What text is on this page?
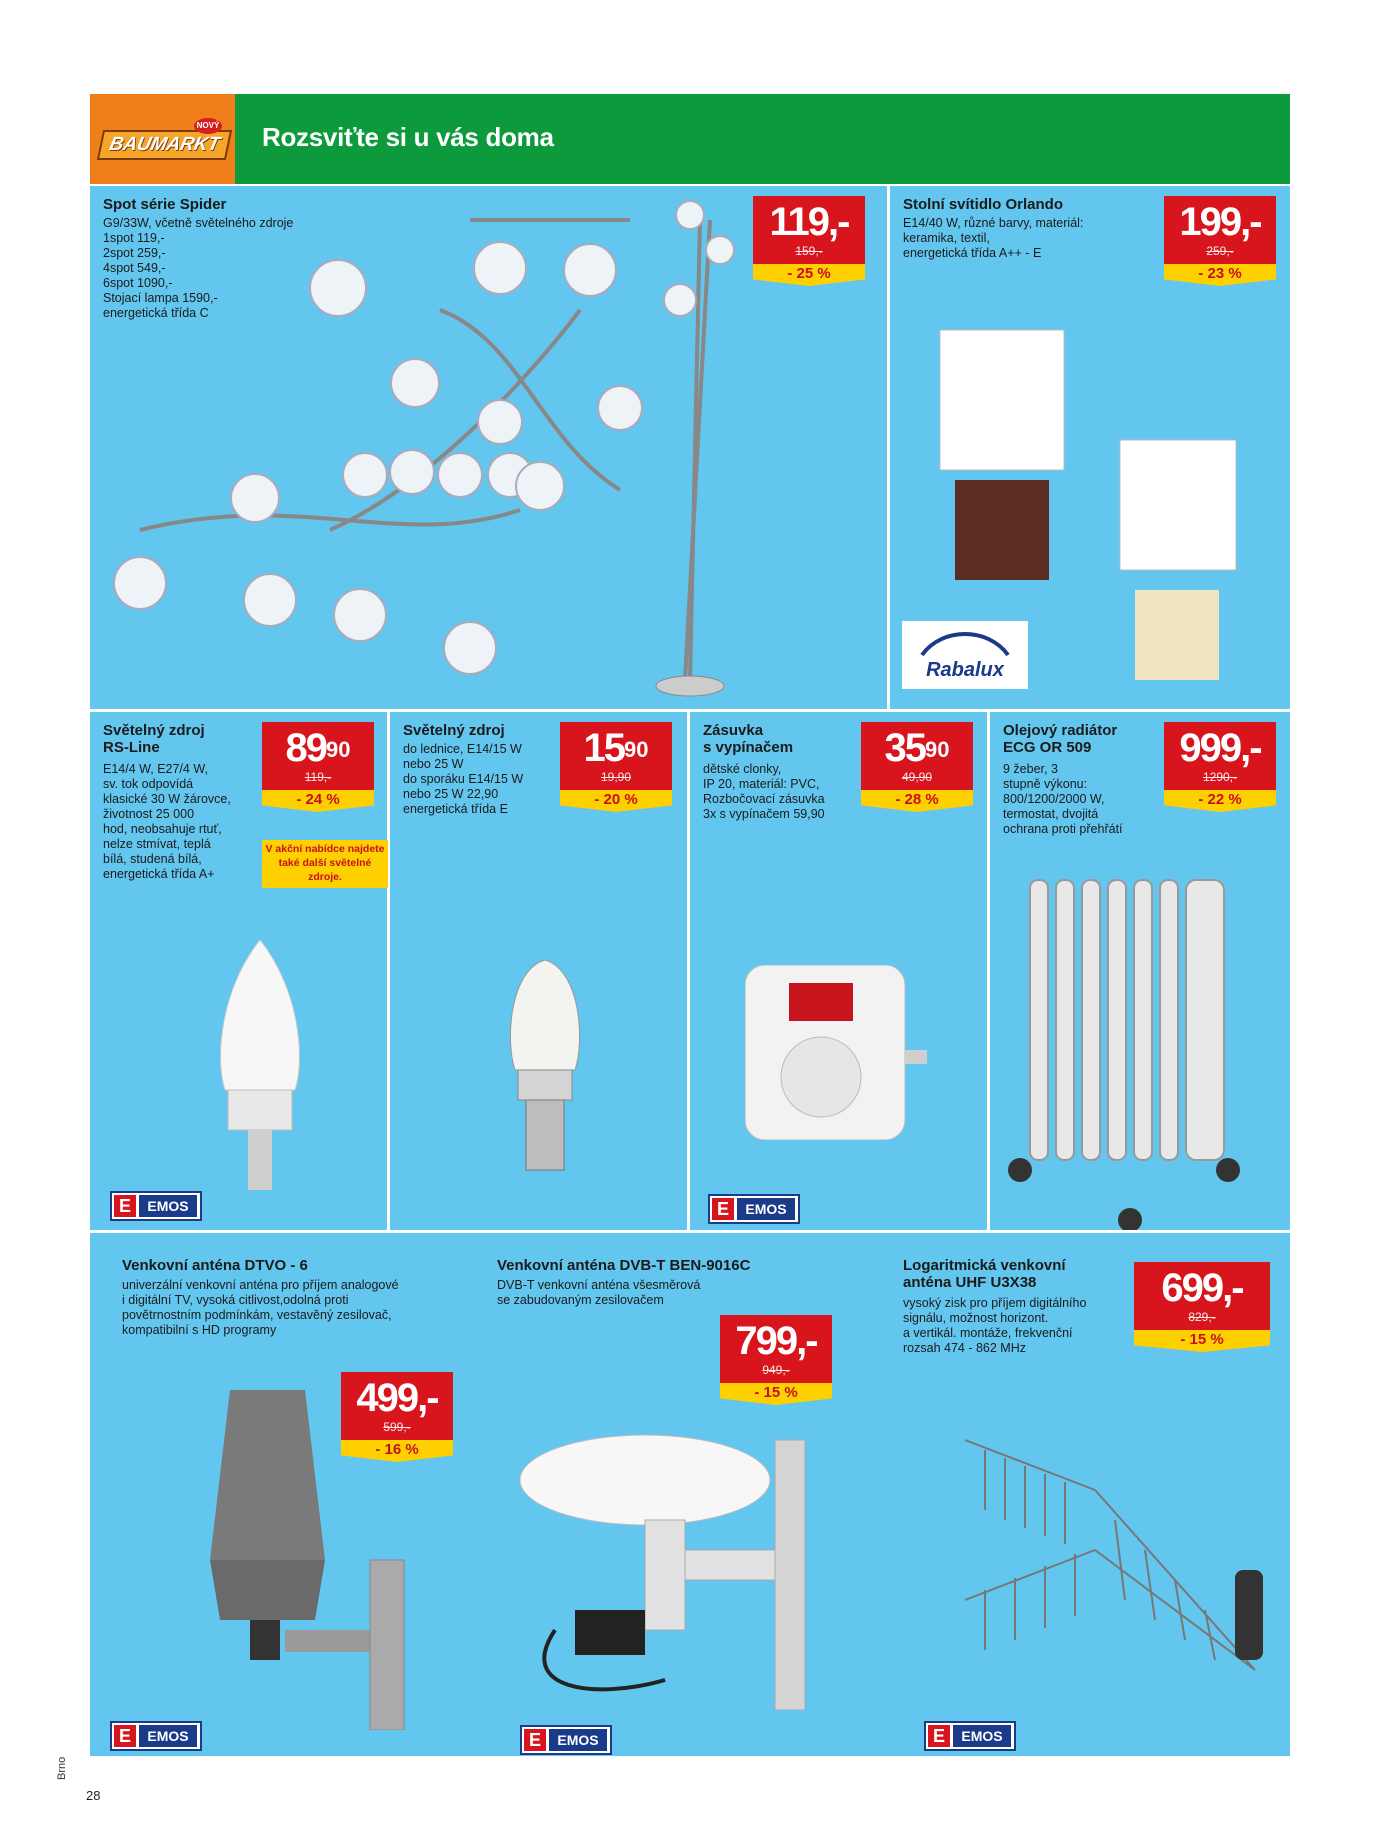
BAUMARKT
NOVÝ Rozsviťte si u vás doma
Spot série Spider
G9/33W, včetně světelného zdroje
1spot 119,-
2spot 259,-
4spot 549,-
6spot 1090,-
Stojací lampa 1590,-
energetická třída C
119,-
159,-
- 25 %
Stolní svítidlo Orlando
E14/40 W, různé barvy, materiál:
keramika, textil,
energetická třída A++ - E
199,-
259,-
- 23 %
Rabalux
Světelný zdroj
RS-Line
E14/4 W, E27/4 W,
sv. tok odpovídá
klasické 30 W žárovce,
životnost 25 000
hod, neobsahuje rtuť,
nelze stmívat, teplá
bílá, studená bílá,
energetická třída A+
$89^{90}$
119,-
- 24 %
V akční nabídce najdete také další světelné zdroje.
E	EMOS
Světelný zdroj
do lednice, E14/15 W
nebo 25 W
do sporáku E14/15 W
nebo 25 W 22,90
energetická třída E
$15^{90}$
19,90
- 20 %
Zásuvka
s vypínačem
dětské clonky,
IP 20, materiál: PVC,
Rozbočovací zásuvka
3x s vypínačem 59,90
$35^{90}$
49,90
- 28 %
E	EMOS
Olejový radiátor
ECG OR 509
9 žeber, 3
stupně výkonu:
800/1200/2000 W,
termostat, dvojitá
ochrana proti přehřátí
999,-
1290,-
- 22 %
Venkovní anténa DTVO - 6
univerzální venkovní anténa pro příjem analogové
i digitální TV, vysoká citlivost,odolná proti
povětrnostním podmínkám, vestavěný zesilovač,
kompatibilní s HD programy
499,-
599,-
- 16 %
E	EMOS
Venkovní anténa DVB-T BEN-9016C
DVB-T venkovní anténa všesměrová
se zabudovaným zesilovačem
799,-
949,-
- 15 %
E	EMOS
Logaritmická venkovní
anténa UHF U3X38
vysoký zisk pro příjem digitálního
signálu, možnost horizont.
a vertikál. montáže, frekvenční
rozsah 474 - 862 MHz
699,-
829,-
- 15 %
E	EMOS
Brno
28
